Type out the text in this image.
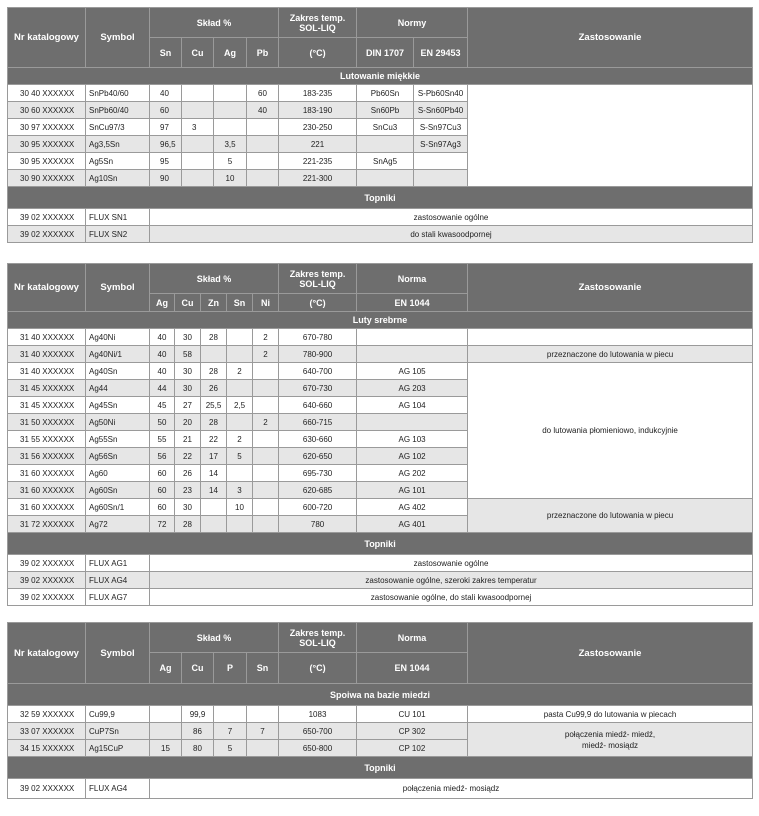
Nr katalogowy	Symbol	Skład %				Zakres temp.
SOL-LIQ	Normy		Zastosowanie
		Sn	Cu	Ag	Pb	(°C)	DIN 1707	EN 29453	
Lutowanie miękkie									
30 40 XXXXXX	SnPb40/60	40			60	183-235	Pb60Sn	S-Pb60Sn40	
30 60 XXXXXX	SnPb60/40	60			40	183-190	Sn60Pb	S-Sn60Pb40	
30 97 XXXXXX	SnCu97/3	97	3			230-250	SnCu3	S-Sn97Cu3	
30 95 XXXXXX	Ag3,5Sn	96,5		3,5		221		S-Sn97Ag3	
30 95 XXXXXX	Ag5Sn	95		5		221-235	SnAg5		
30 90 XXXXXX	Ag10Sn	90		10		221-300			
Topniki									
39 02 XXXXXX	FLUX SN1	zastosowanie ogólne							
39 02 XXXXXX	FLUX SN2	do stali kwasoodpornej							
Nr katalogowy	Symbol	Skład %					Zakres temp.
SOL-LIQ	Norma	Zastosowanie
		Ag	Cu	Zn	Sn	Ni	(°C)	EN 1044	
Luty srebrne									
31 40 XXXXXX	Ag40Ni	40	30	28		2	670-780		
31 40 XXXXXX	Ag40Ni/1	40	58			2	780-900		przeznaczone do lutowania w piecu
31 40 XXXXXX	Ag40Sn	40	30	28	2		640-700	AG 105	do lutowania płomieniowo, indukcyjnie
31 45 XXXXXX	Ag44	44	30	26			670-730	AG 203	
31 45 XXXXXX	Ag45Sn	45	27	25,5	2,5		640-660	AG 104	
31 50 XXXXXX	Ag50Ni	50	20	28		2	660-715		
31 55 XXXXXX	Ag55Sn	55	21	22	2		630-660	AG 103	
31 56 XXXXXX	Ag56Sn	56	22	17	5		620-650	AG 102	
31 60 XXXXXX	Ag60	60	26	14			695-730	AG 202	
31 60 XXXXXX	Ag60Sn	60	23	14	3		620-685	AG 101	
31 60 XXXXXX	Ag60Sn/1	60	30		10		600-720	AG 402	przeznaczone do lutowania w piecu
31 72 XXXXXX	Ag72	72	28				780	AG 401	
Topniki									
39 02 XXXXXX	FLUX AG1	zastosowanie ogólne							
39 02 XXXXXX	FLUX AG4	zastosowanie ogólne, szeroki zakres temperatur							
39 02 XXXXXX	FLUX AG7	zastosowanie ogólne, do stali kwasoodpornej							
Nr katalogowy	Symbol	Skład %				Zakres temp.
SOL-LIQ	Norma	Zastosowanie
		Ag	Cu	P	Sn	(°C)	EN 1044	
Spoiwa na bazie miedzi								
32 59 XXXXXX	Cu99,9		99,9			1083	CU 101	pasta Cu99,9 do lutowania w piecach
33 07 XXXXXX	CuP7Sn		86	7	7	650-700	CP 302	połączenia miedź- miedź,
miedź- mosiądz

34 15 XXXXXX	Ag15CuP	15	80	5		650-800	CP 102	
Topniki								
39 02 XXXXXX	FLUX AG4	połączenia miedź- mosiądz						
